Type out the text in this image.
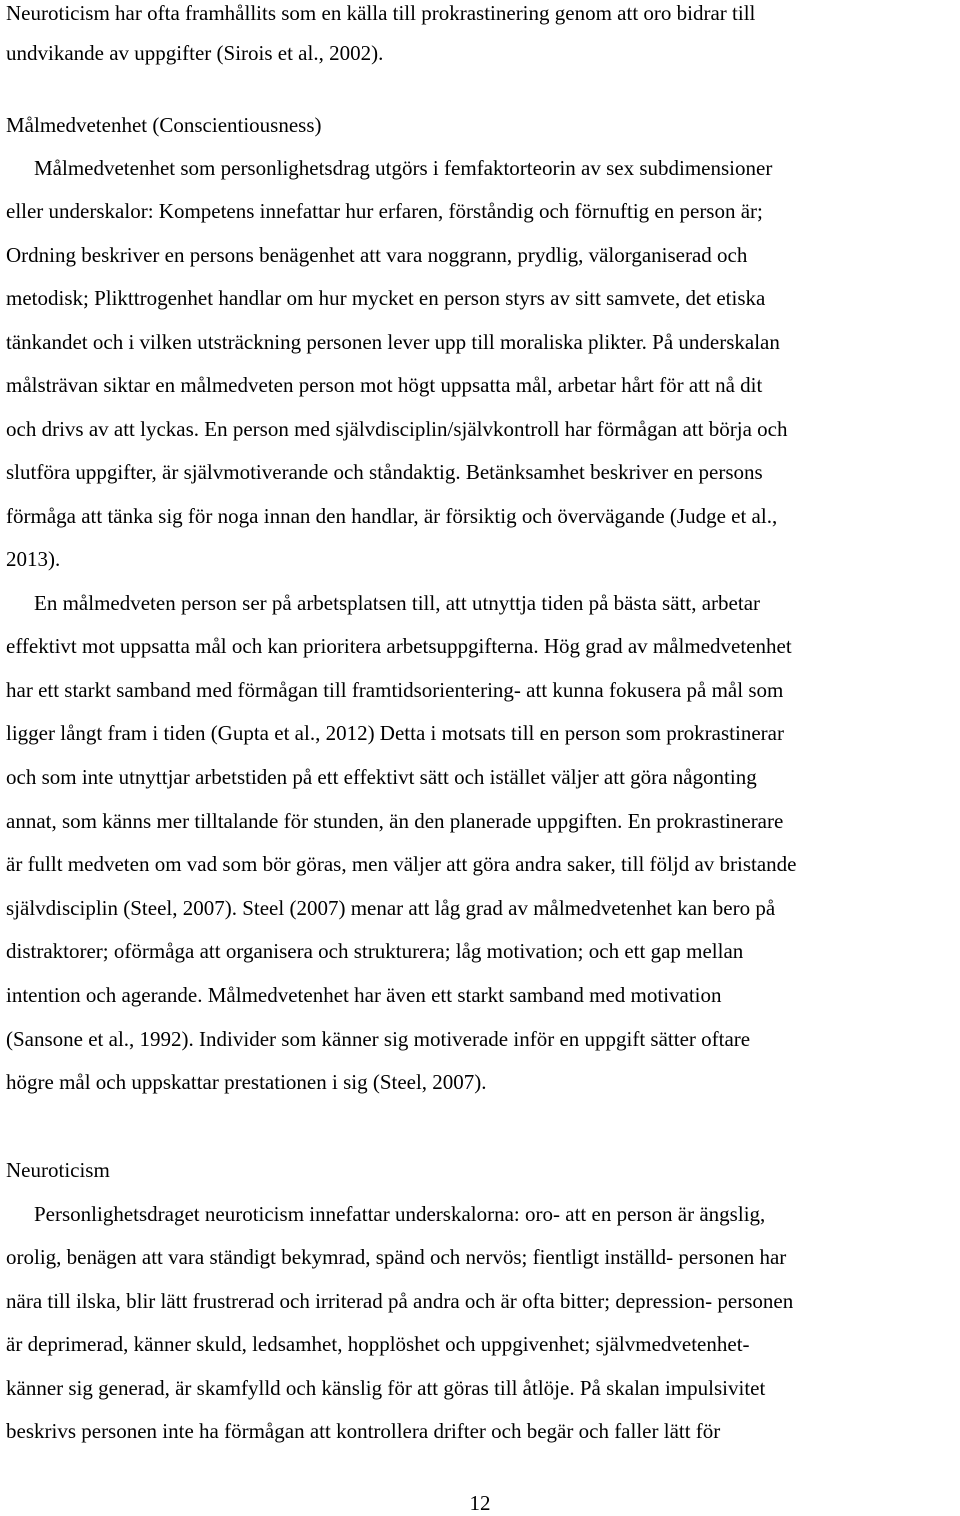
Neuroticism har ofta framhållits som en källa till prokrastinering genom att oro bidrar till

undvikande av uppgifter (Sirois et al., 2002).

Målmedvetenhet (Conscientiousness)

Målmedvetenhet som personlighetsdrag utgörs i femfaktorteorin av sex subdimensioner

eller underskalor: Kompetens innefattar hur erfaren, förståndig och förnuftig en person är;

Ordning beskriver en persons benägenhet att vara noggrann, prydlig, välorganiserad och

metodisk; Plikttrogenhet handlar om hur mycket en person styrs av sitt samvete, det etiska

tänkandet och i vilken utsträckning personen lever upp till moraliska plikter. På underskalan

målsträvan siktar en målmedveten person mot högt uppsatta mål, arbetar hårt för att nå dit

och drivs av att lyckas. En person med självdisciplin/självkontroll har förmågan att börja och

slutföra uppgifter, är självmotiverande och ståndaktig. Betänksamhet beskriver en persons

förmåga att tänka sig för noga innan den handlar, är försiktig och övervägande (Judge et al.,

2013).

En målmedveten person ser på arbetsplatsen till, att utnyttja tiden på bästa sätt, arbetar

effektivt mot uppsatta mål och kan prioritera arbetsuppgifterna. Hög grad av målmedvetenhet

har ett starkt samband med förmågan till framtidsorientering- att kunna fokusera på mål som

ligger långt fram i tiden (Gupta et al., 2012) Detta i motsats till en person som prokrastinerar

och som inte utnyttjar arbetstiden på ett effektivt sätt och istället väljer att göra någonting

annat, som känns mer tilltalande för stunden, än den planerade uppgiften. En prokrastinerare

är fullt medveten om vad som bör göras, men väljer att göra andra saker, till följd av bristande

självdisciplin (Steel, 2007). Steel (2007) menar att låg grad av målmedvetenhet kan bero på

distraktorer; oförmåga att organisera och strukturera; låg motivation; och ett gap mellan

intention och agerande. Målmedvetenhet har även ett starkt samband med motivation

(Sansone et al., 1992). Individer som känner sig motiverade inför en uppgift sätter oftare

högre mål och uppskattar prestationen i sig (Steel, 2007).

Neuroticism

Personlighetsdraget neuroticism innefattar underskalorna: oro- att en person är ängslig,

orolig, benägen att vara ständigt bekymrad, spänd och nervös; fientligt inställd- personen har

nära till ilska, blir lätt frustrerad och irriterad på andra och är ofta bitter; depression- personen

är deprimerad, känner skuld, ledsamhet, hopplöshet och uppgivenhet; självmedvetenhet-

känner sig generad, är skamfylld och känslig för att göras till åtlöje. På skalan impulsivitet

beskrivs personen inte ha förmågan att kontrollera drifter och begär och faller lätt för

12
